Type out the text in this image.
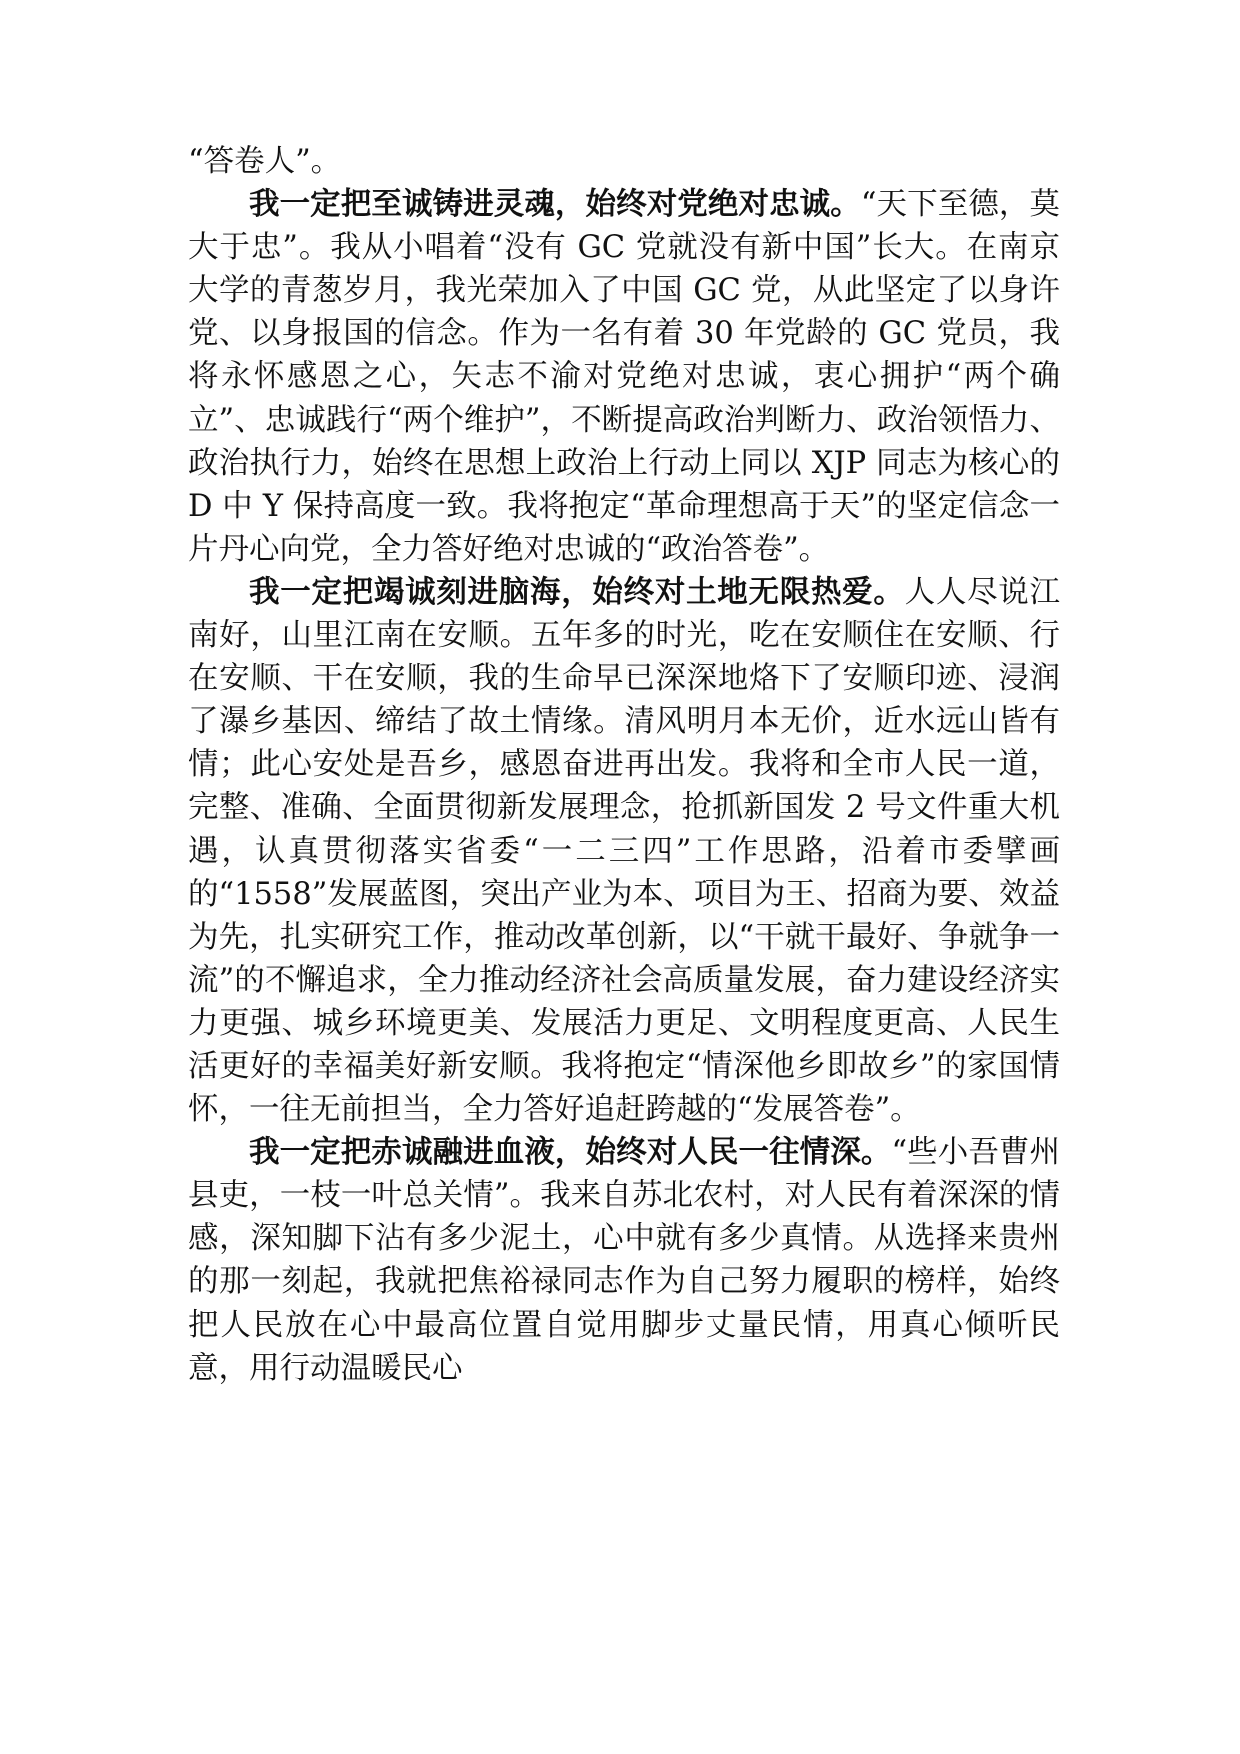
“答卷人”。

我一定把至诚铸进灵魂，始终对党绝对忠诚。“天下至德，莫大于忠”。我从小唱着“没有 GC 党就没有新中国”长大。在南京大学的青葱岁月，我光荣加入了中国 GC 党，从此坚定了以身许党、以身报国的信念。作为一名有着 30 年党龄的 GC 党员，我将永怀感恩之心，矢志不渝对党绝对忠诚，衷心拥护“两个确立”、忠诚践行“两个维护”，不断提高政治判断力、政治领悟力、政治执行力，始终在思想上政治上行动上同以 XJP 同志为核心的 D 中 Y 保持高度一致。我将抱定“革命理想高于天”的坚定信念一片丹心向党，全力答好绝对忠诚的“政治答卷”。

我一定把竭诚刻进脑海，始终对土地无限热爱。人人尽说江南好，山里江南在安顺。五年多的时光，吃在安顺住在安顺、行在安顺、干在安顺，我的生命早已深深地烙下了安顺印迹、浸润了瀑乡基因、缔结了故土情缘。清风明月本无价，近水远山皆有情；此心安处是吾乡，感恩奋进再出发。我将和全市人民一道，完整、准确、全面贯彻新发展理念，抢抓新国发 2 号文件重大机遇，认真贯彻落实省委“一二三四”工作思路，沿着市委擘画的“1558”发展蓝图，突出产业为本、项目为王、招商为要、效益为先，扎实研究工作，推动改革创新，以“干就干最好、争就争一流”的不懈追求，全力推动经济社会高质量发展，奋力建设经济实力更强、城乡环境更美、发展活力更足、文明程度更高、人民生活更好的幸福美好新安顺。我将抱定“情深他乡即故乡”的家国情怀，一往无前担当，全力答好追赶跨越的“发展答卷”。

我一定把赤诚融进血液，始终对人民一往情深。“些小吾曹州县吏，一枝一叶总关情”。我来自苏北农村，对人民有着深深的情感，深知脚下沾有多少泥土，心中就有多少真情。从选择来贵州的那一刻起，我就把焦裕禄同志作为自己努力履职的榜样，始终把人民放在心中最高位置自觉用脚步丈量民情，用真心倾听民意，用行动温暖民心
